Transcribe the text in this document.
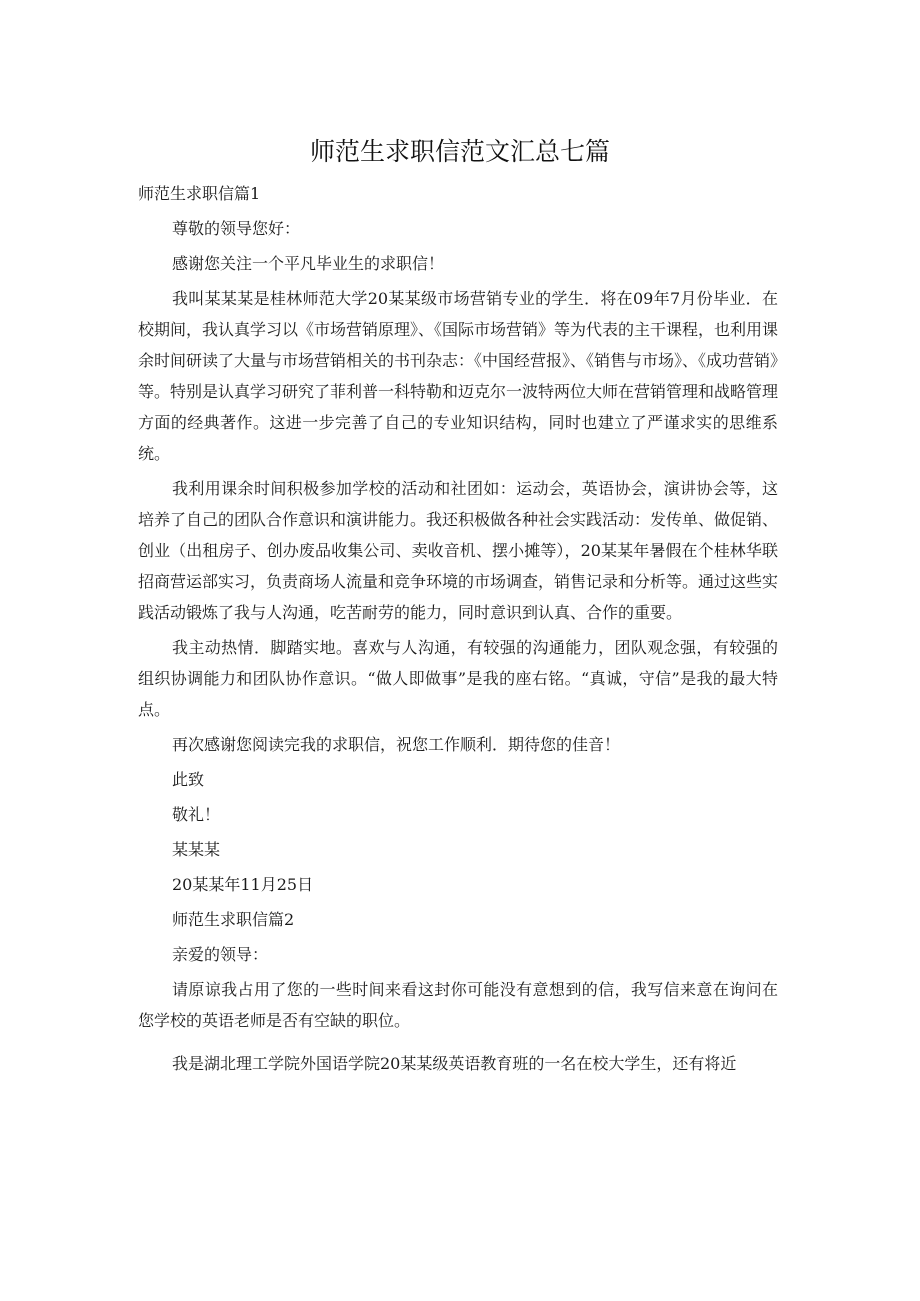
师范生求职信范文汇总七篇

师范生求职信篇1

尊敬的领导您好：

感谢您关注一个平凡毕业生的求职信！

我叫某某某是桂林师范大学20某某级市场营销专业的学生．将在09年7月份毕业．在校期间，我认真学习以《市场营销原理》、《国际市场营销》等为代表的主干课程，也利用课余时间研读了大量与市场营销相关的书刊杂志：《中国经营报》、《销售与市场》、《成功营销》等。特别是认真学习研究了菲利普一科特勒和迈克尔一波特两位大师在营销管理和战略管理方面的经典著作。这进一步完善了自己的专业知识结构，同时也建立了严谨求实的思维系统。

我利用课余时间积极参加学校的活动和社团如：运动会，英语协会，演讲协会等，这培养了自己的团队合作意识和演讲能力。我还积极做各种社会实践活动：发传单、做促销、创业（出租房子、创办废品收集公司、卖收音机、摆小摊等），20某某年暑假在个桂林华联招商营运部实习，负责商场人流量和竞争环境的市场调查，销售记录和分析等。通过这些实践活动锻炼了我与人沟通，吃苦耐劳的能力，同时意识到认真、合作的重要。

我主动热情．脚踏实地。喜欢与人沟通，有较强的沟通能力，团队观念强，有较强的组织协调能力和团队协作意识。“做人即做事”是我的座右铭。“真诚，守信”是我的最大特点。

再次感谢您阅读完我的求职信，祝您工作顺利．期待您的佳音！

此致

敬礼！

某某某

20某某年11月25日

师范生求职信篇2

亲爱的领导：

请原谅我占用了您的一些时间来看这封你可能没有意想到的信，我写信来意在询问在您学校的英语老师是否有空缺的职位。

我是湖北理工学院外国语学院20某某级英语教育班的一名在校大学生，还有将近
